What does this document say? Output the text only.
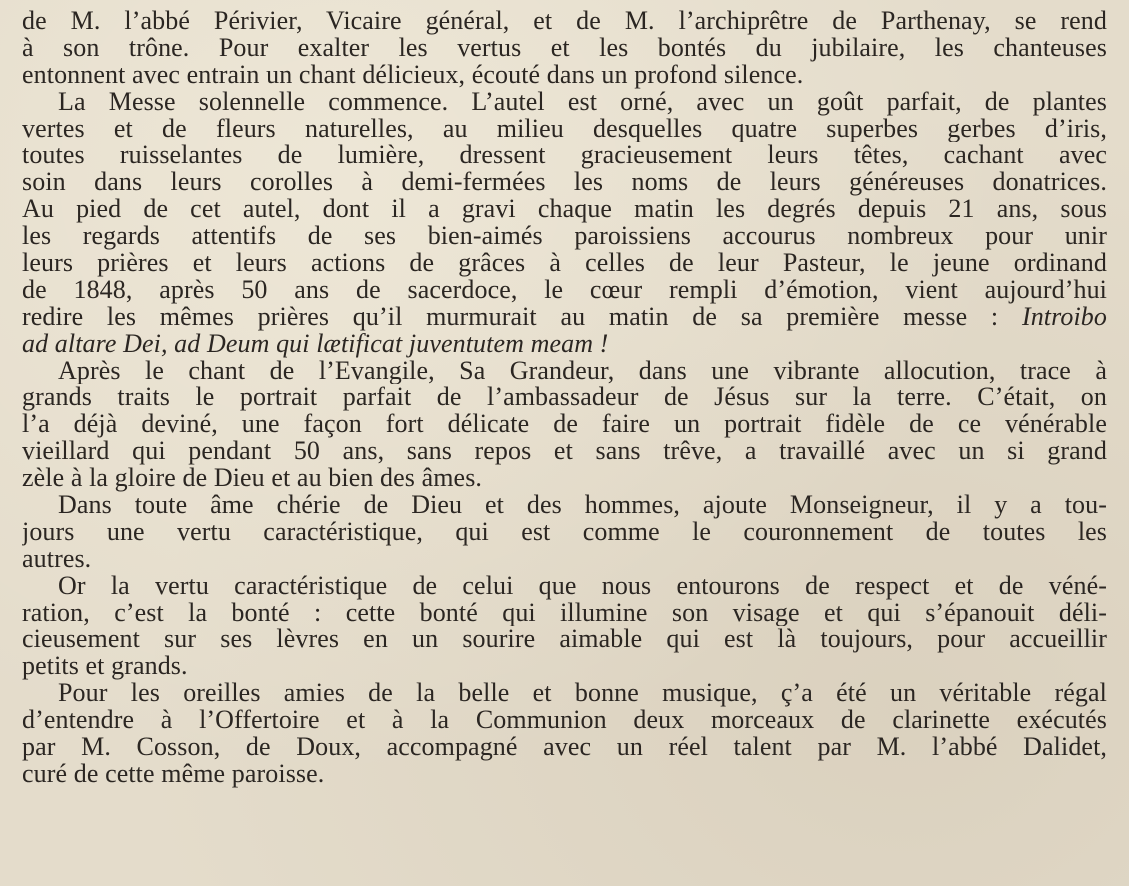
de M. l’abbé Périvier, Vicaire général, et de M. l’archiprêtre de Parthenay, se rend
à son trône. Pour exalter les vertus et les bontés du jubilaire, les chanteuses
entonnent avec entrain un chant délicieux, écouté dans un profond silence.
La Messe solennelle commence. L’autel est orné, avec un goût parfait, de plantes
vertes et de fleurs naturelles, au milieu desquelles quatre superbes gerbes d’iris,
toutes ruisselantes de lumière, dressent gracieusement leurs têtes, cachant avec
soin dans leurs corolles à demi-fermées les noms de leurs généreuses donatrices.
Au pied de cet autel, dont il a gravi chaque matin les degrés depuis 21 ans, sous
les regards attentifs de ses bien-aimés paroissiens accourus nombreux pour unir
leurs prières et leurs actions de grâces à celles de leur Pasteur, le jeune ordinand
de 1848, après 50 ans de sacerdoce, le cœur rempli d’émotion, vient aujourd’hui
redire les mêmes prières qu’il murmurait au matin de sa première messe : Introibo
ad altare Dei, ad Deum qui lætificat juventutem meam !
Après le chant de l’Evangile, Sa Grandeur, dans une vibrante allocution, trace à
grands traits le portrait parfait de l’ambassadeur de Jésus sur la terre. C’était, on
l’a déjà deviné, une façon fort délicate de faire un portrait fidèle de ce vénérable
vieillard qui pendant 50 ans, sans repos et sans trêve, a travaillé avec un si grand
zèle à la gloire de Dieu et au bien des âmes.
Dans toute âme chérie de Dieu et des hommes, ajoute Monseigneur, il y a tou-
jours une vertu caractéristique, qui est comme le couronnement de toutes les
autres.
Or la vertu caractéristique de celui que nous entourons de respect et de véné-
ration, c’est la bonté : cette bonté qui illumine son visage et qui s’épanouit déli-
cieusement sur ses lèvres en un sourire aimable qui est là toujours, pour accueillir
petits et grands.
Pour les oreilles amies de la belle et bonne musique, ç’a été un véritable régal
d’entendre à l’Offertoire et à la Communion deux morceaux de clarinette exécutés
par M. Cosson, de Doux, accompagné avec un réel talent par M. l’abbé Dalidet,
curé de cette même paroisse.
